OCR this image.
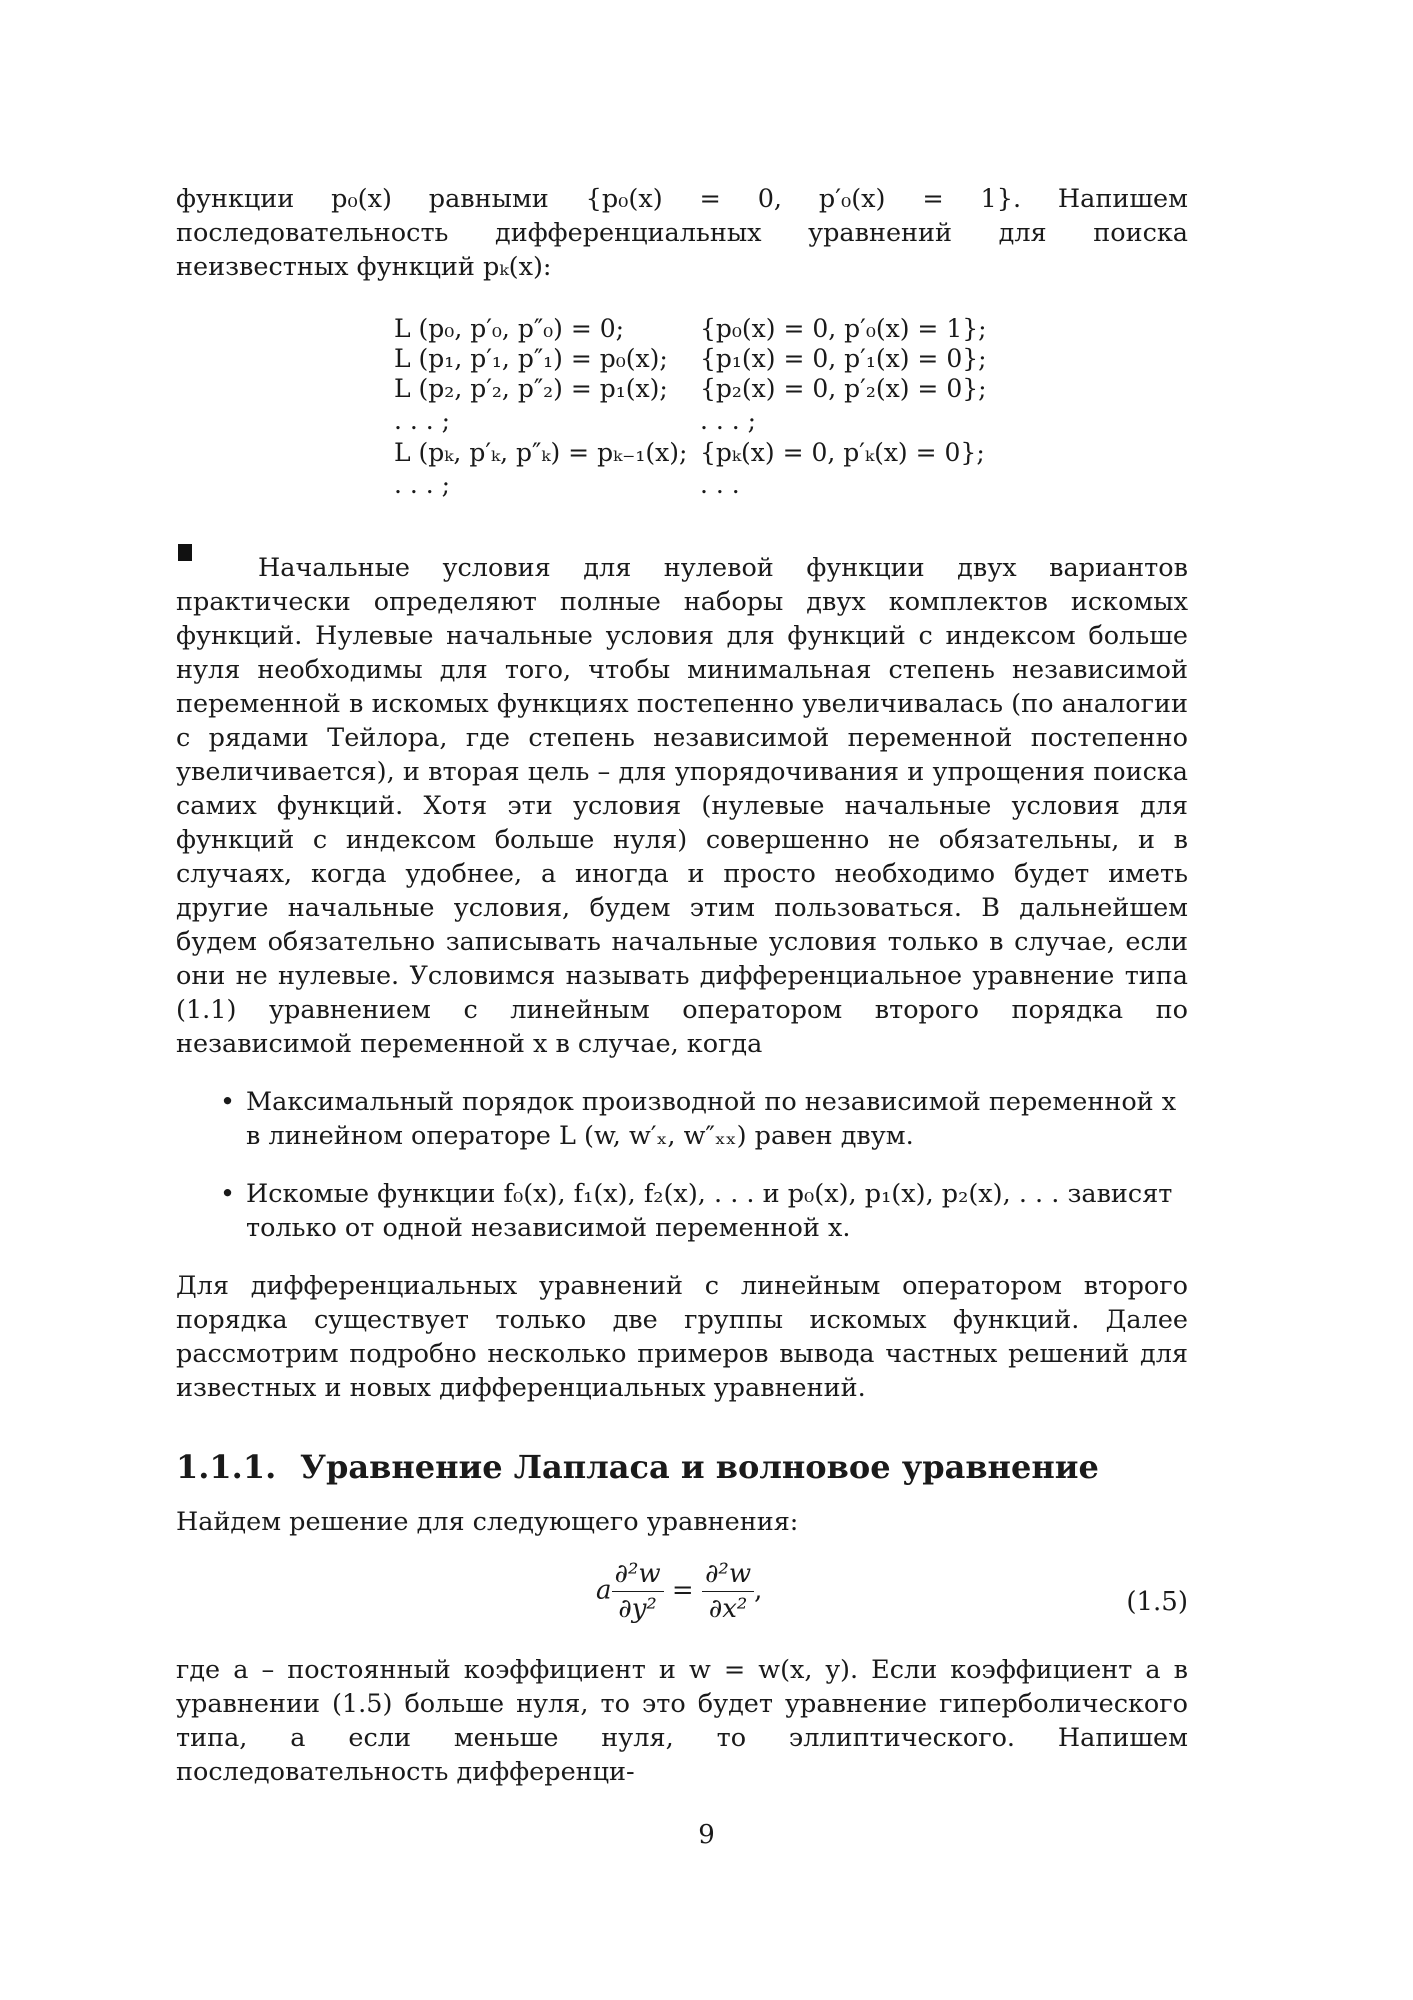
функции p₀(x) равными {p₀(x) = 0, p′₀(x) = 1}. Напишем последовательность дифференциальных уравнений для поиска неизвестных функций pₖ(x):

L (p₀, p′₀, p″₀) = 0;	{p₀(x) = 0, p′₀(x) = 1};
L (p₁, p′₁, p″₁) = p₀(x); {p₁(x) = 0, p′₁(x) = 0};
L (p₂, p′₂, p″₂) = p₁(x); {p₂(x) = 0, p′₂(x) = 0};
. . . ;	. . . ;
L (pₖ, p′ₖ, p″ₖ) = pₖ₋₁(x); {pₖ(x) = 0, p′ₖ(x) = 0};
. . . ;	. . .

Начальные условия для нулевой функции двух вариантов практически определяют полные наборы двух комплектов искомых функций. Нулевые начальные условия для функций с индексом больше нуля необходимы для того, чтобы минимальная степень независимой переменной в искомых функциях постепенно увеличивалась (по аналогии с рядами Тейлора, где степень независимой переменной постепенно увеличивается), и вторая цель – для упорядочивания и упрощения поиска самих функций. Хотя эти условия (нулевые начальные условия для функций с индексом больше нуля) совершенно не обязательны, и в случаях, когда удобнее, а иногда и просто необходимо будет иметь другие начальные условия, будем этим пользоваться. В дальнейшем будем обязательно записывать начальные условия только в случае, если они не нулевые. Условимся называть дифференциальное уравнение типа (1.1) уравнением с линейным оператором второго порядка по независимой переменной x в случае, когда

• Максимальный порядок производной по независимой переменной x в линейном операторе L (w, w′ₓ, w″ₓₓ) равен двум.
• Искомые функции f₀(x), f₁(x), f₂(x), . . . и p₀(x), p₁(x), p₂(x), . . . зависят только от одной независимой переменной x.

Для дифференциальных уравнений с линейным оператором второго порядка существует только две группы искомых функций. Далее рассмотрим подробно несколько примеров вывода частных решений для известных и новых дифференциальных уравнений.

1.1.1. Уравнение Лапласа и волновое уравнение

Найдем решение для следующего уравнения:

a $\frac{\text{∂²w}}{\text{∂y²}} = \frac{\text{∂²w}}{\text{∂x²}}$ ,	(1.5)

где a – постоянный коэффициент и w = w(x, y). Если коэффициент a в уравнении (1.5) больше нуля, то это будет уравнение гиперболического типа, а если меньше нуля, то эллиптического. Напишем последовательность дифференци-

9
